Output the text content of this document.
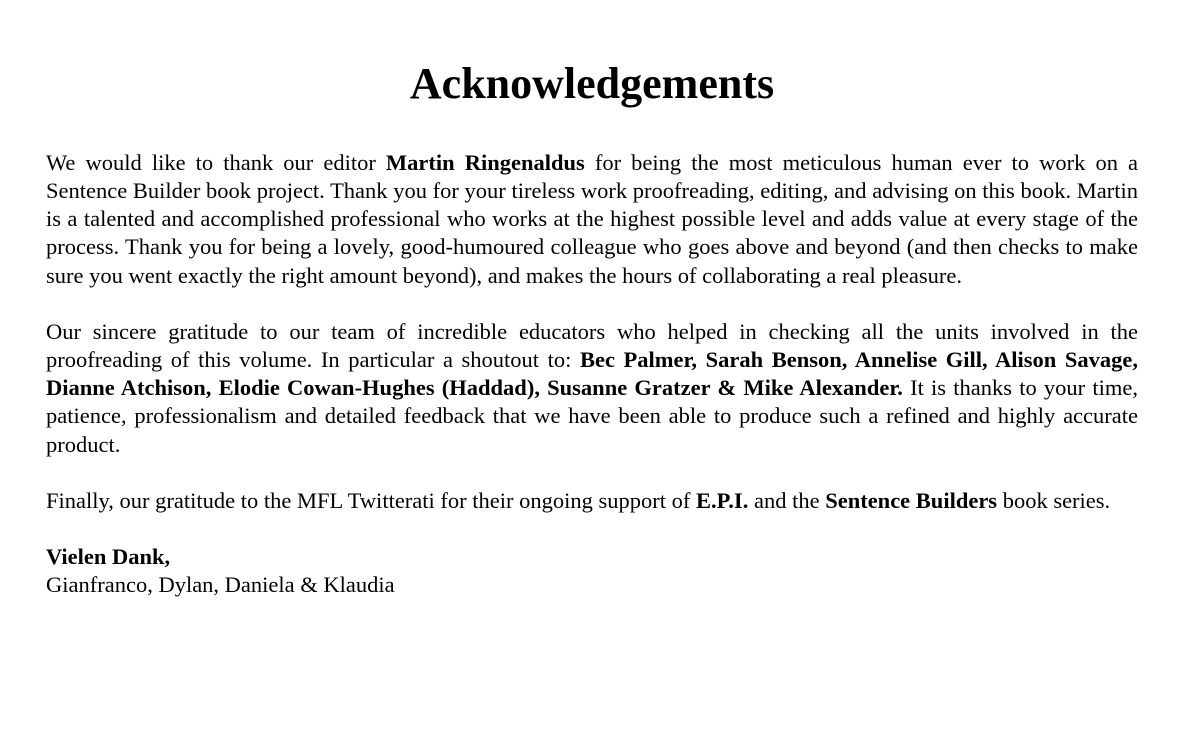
Acknowledgements

We would like to thank our editor Martin Ringenaldus for being the most meticulous human ever to work on a Sentence Builder book project. Thank you for your tireless work proofreading, editing, and advising on this book. Martin is a talented and accomplished professional who works at the highest possible level and adds value at every stage of the process. Thank you for being a lovely, good-humoured colleague who goes above and beyond (and then checks to make sure you went exactly the right amount beyond), and makes the hours of collaborating a real pleasure.

Our sincere gratitude to our team of incredible educators who helped in checking all the units involved in the proofreading of this volume. In particular a shoutout to: Bec Palmer, Sarah Benson, Annelise Gill, Alison Savage, Dianne Atchison, Elodie Cowan-Hughes (Haddad), Susanne Gratzer & Mike Alexander. It is thanks to your time, patience, professionalism and detailed feedback that we have been able to produce such a refined and highly accurate product.

Finally, our gratitude to the MFL Twitterati for their ongoing support of E.P.I. and the Sentence Builders book series.

Vielen Dank,
Gianfranco, Dylan, Daniela & Klaudia
